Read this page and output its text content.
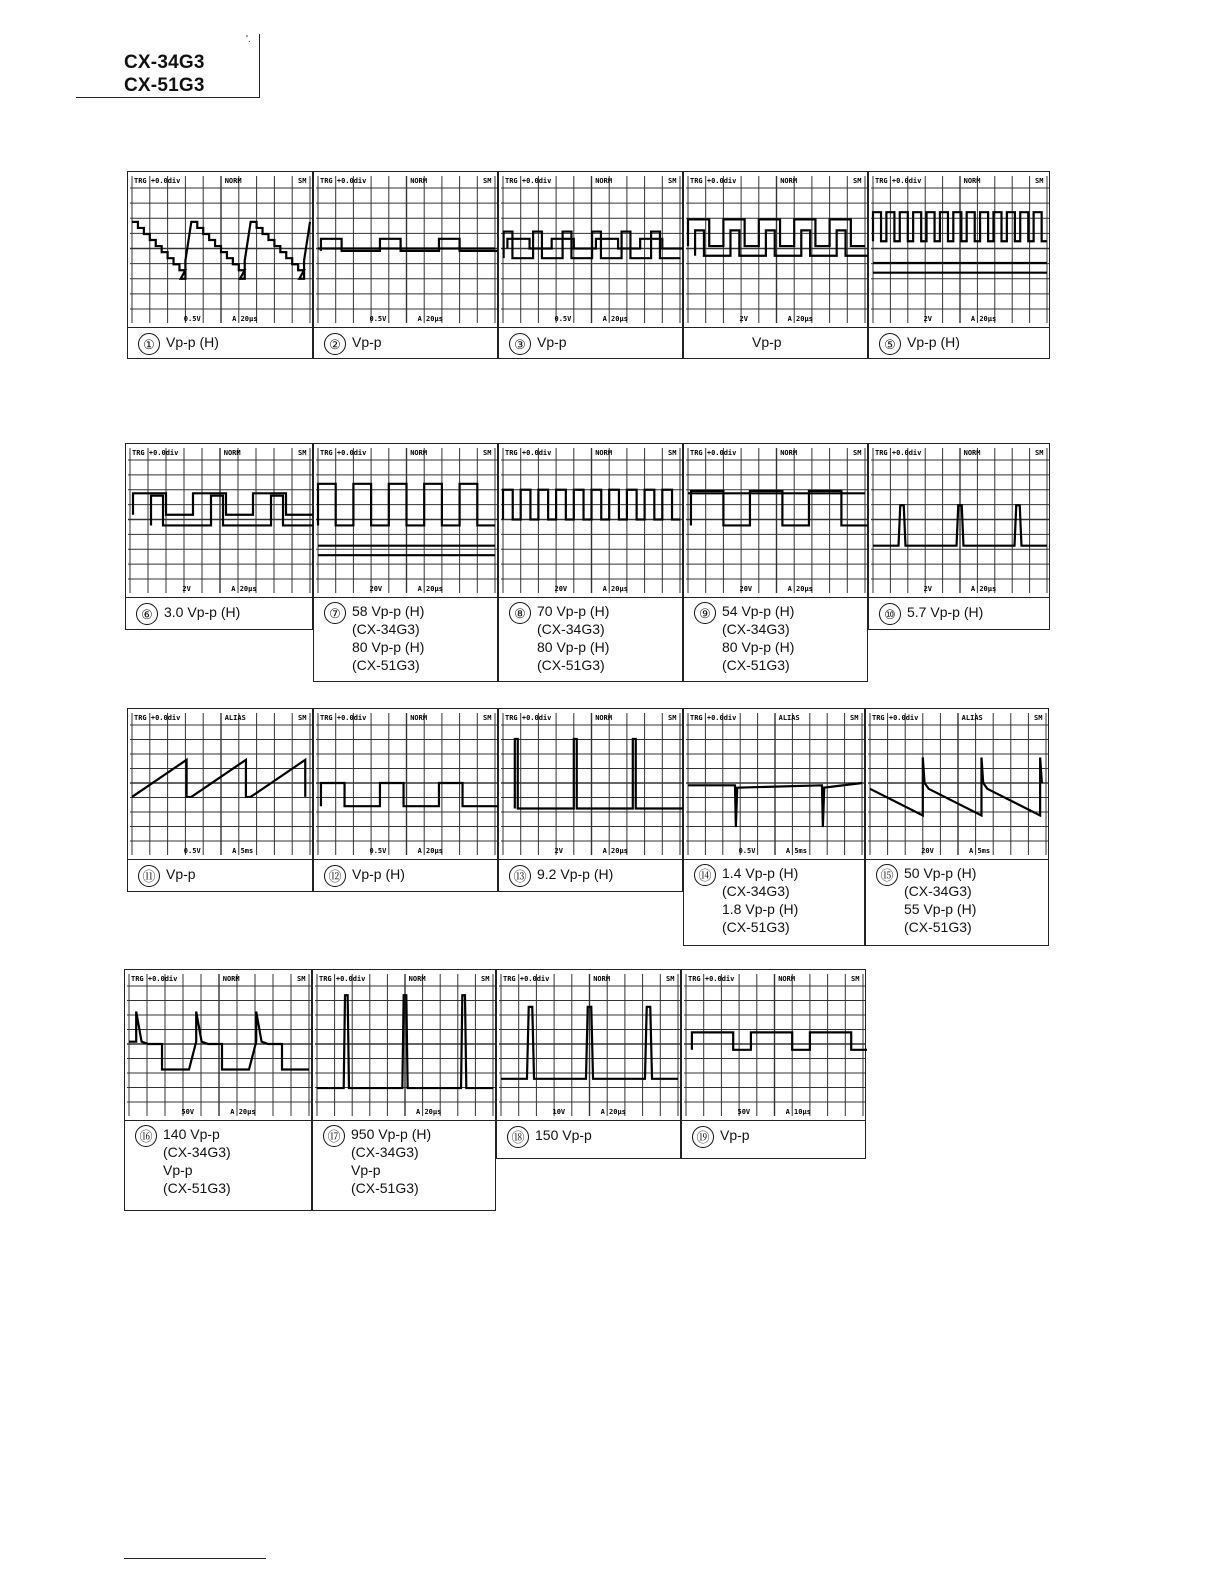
'.
CX-34G3
CX-51G3
TRG +0.0div	NORM	SM
0.5V	A 20μs
① Vp-p (H)
TRG +0.0div	NORM	SM
0.5V	A 20μs
② Vp-p
TRG +0.0div	NORM	SM
0.5V	A 20μs
③ Vp-p
TRG +0.0div	NORM	SM
2V	A 20μs
Vp-p
TRG +0.0div	NORM	SM
2V	A 20μs
⑤ Vp-p (H)
TRG +0.0div	NORM	SM
2V	A 20μs
⑥ 3.0 Vp-p (H)
TRG +0.0div	NORM	SM
20V	A 20μs
⑦ 58 Vp-p (H)
(CX-34G3)
80 Vp-p (H)
(CX-51G3)
TRG +0.0div	NORM	SM
20V	A 20μs
⑧ 70 Vp-p (H)
(CX-34G3)
80 Vp-p (H)
(CX-51G3)
TRG +0.0div	NORM	SM
20V	A 20μs
⑨ 54 Vp-p (H)
(CX-34G3)
80 Vp-p (H)
(CX-51G3)
TRG +0.0div	NORM	SM
2V	A 20μs
⑩ 5.7 Vp-p (H)
TRG +0.0div	ALIAS	SM
0.5V	A 5ms
⑪ Vp-p
TRG +0.0div	NORM	SM
0.5V	A 20μs
⑫ Vp-p (H)
TRG +0.0div	NORM	SM
2V	A 20μs
⑬ 9.2 Vp-p (H)
TRG +0.0div	ALIAS	SM
0.5V	A 5ms
⑭ 1.4 Vp-p (H)
(CX-34G3)
1.8 Vp-p (H)
(CX-51G3)
TRG +0.0div	ALIAS	SM
20V	A 5ms
⑮ 50 Vp-p (H)
(CX-34G3)
55 Vp-p (H)
(CX-51G3)
TRG +0.0div	NORM	SM
50V	A 20μs
⑯ 140 Vp-p
(CX-34G3)
Vp-p
(CX-51G3)
TRG +0.0div	NORM	SM
A 20μs
⑰ 950 Vp-p (H)
(CX-34G3)
Vp-p
(CX-51G3)
TRG +0.0div	NORM	SM
10V	A 20μs
⑱ 150 Vp-p
TRG +0.0div	NORM	SM
50V	A 10μs
⑲ Vp-p
